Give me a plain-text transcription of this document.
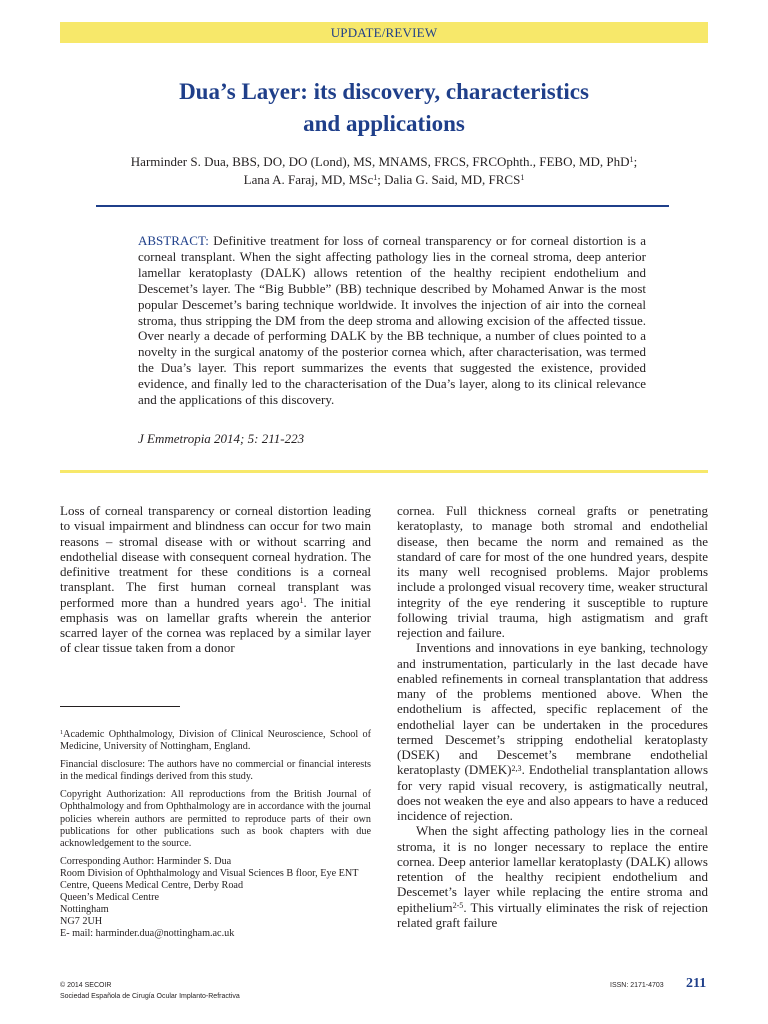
UPDATE/REVIEW
Dua’s Layer: its discovery, characteristics
and applications
Harminder S. Dua, BBS, DO, DO (Lond), MS, MNAMS, FRCS, FRCOphth., FEBO, MD, PhD$^1$;
Lana A. Faraj, MD, MSc$^1$; Dalia G. Said, MD, FRCS$^1$

ABSTRACT: Definitive treatment for loss of corneal transparency or for corneal distortion is a corneal transplant. When the sight affecting pathology lies in the corneal stroma, deep anterior lamellar keratoplasty (DALK) allows retention of the healthy recipient endothelium and Descemet’s layer. The “Big Bubble” (BB) technique described by Mohamed Anwar is the most popular Descemet’s baring technique worldwide. It involves the injection of air into the corneal stroma, thus stripping the DM from the deep stroma and allowing excision of the affected tissue. Over nearly a decade of performing DALK by the BB technique, a number of clues pointed to a novelty in the surgical anatomy of the posterior cornea which, after characterisation, was termed the Dua’s layer. This report summarizes the events that suggested the existence, provided evidence, and finally led to the characterisation of the Dua’s layer, along to its clinical relevance and the applications of this discovery.

J Emmetropia 2014; 5: 211-223

Loss of corneal transparency or corneal distortion leading to visual impairment and blindness can occur for two main reasons – stromal disease with or without scarring and endothelial disease with consequent corneal hydration. The definitive treatment for these conditions is a corneal transplant. The first human corneal transplant was performed more than a hundred years ago$^1$. The initial emphasis was on lamellar grafts wherein the anterior scarred layer of the cornea was replaced by a similar layer of clear tissue taken from a donor

$^1$Academic Ophthalmology, Division of Clinical Neuroscience, School of Medicine, University of Nottingham, England.

Financial disclosure: The authors have no commercial or financial interests in the medical findings derived from this study.

Copyright Authorization: All reproductions from the British Journal of Ophthalmology and from Ophthalmology are in accordance with the journal policies wherein authors are permitted to reproduce parts of their own publications for other publications such as book chapters with due acknowledgement to the source.

Corresponding Author: Harminder S. Dua
Room Division of Ophthalmology and Visual Sciences B floor, Eye ENT Centre, Queens Medical Centre, Derby Road
Queen’s Medical Centre
Nottingham
NG7 2UH
E- mail: harminder.dua@nottingham.ac.uk

cornea. Full thickness corneal grafts or penetrating keratoplasty, to manage both stromal and endothelial disease, then became the norm and remained as the standard of care for most of the one hundred years, despite its many well recognised problems. Major problems include a prolonged visual recovery time, weaker structural integrity of the eye rendering it susceptible to rupture following trivial trauma, high astigmatism and graft rejection and failure.

Inventions and innovations in eye banking, technology and instrumentation, particularly in the last decade have enabled refinements in corneal transplantation that address many of the problems mentioned above. When the endothelium is affected, specific replacement of the endothelial layer can be undertaken in the procedures termed Descemet’s stripping endothelial keratoplasty (DSEK) and Descemet’s membrane endothelial keratoplasty (DMEK)$^{2,3}$. Endothelial transplantation allows for very rapid visual recovery, is astigmatically neutral, does not weaken the eye and also appears to have a reduced incidence of rejection.

When the sight affecting pathology lies in the corneal stroma, it is no longer necessary to replace the entire cornea. Deep anterior lamellar keratoplasty (DALK) allows retention of the healthy recipient endothelium and Descemet’s layer while replacing the entire stroma and epithelium$^{2-5}$. This virtually eliminates the risk of rejection related graft failure

© 2014 SECOIR
Sociedad Española de Cirugía Ocular Implanto-Refractiva
ISSN: 2171-4703 211
